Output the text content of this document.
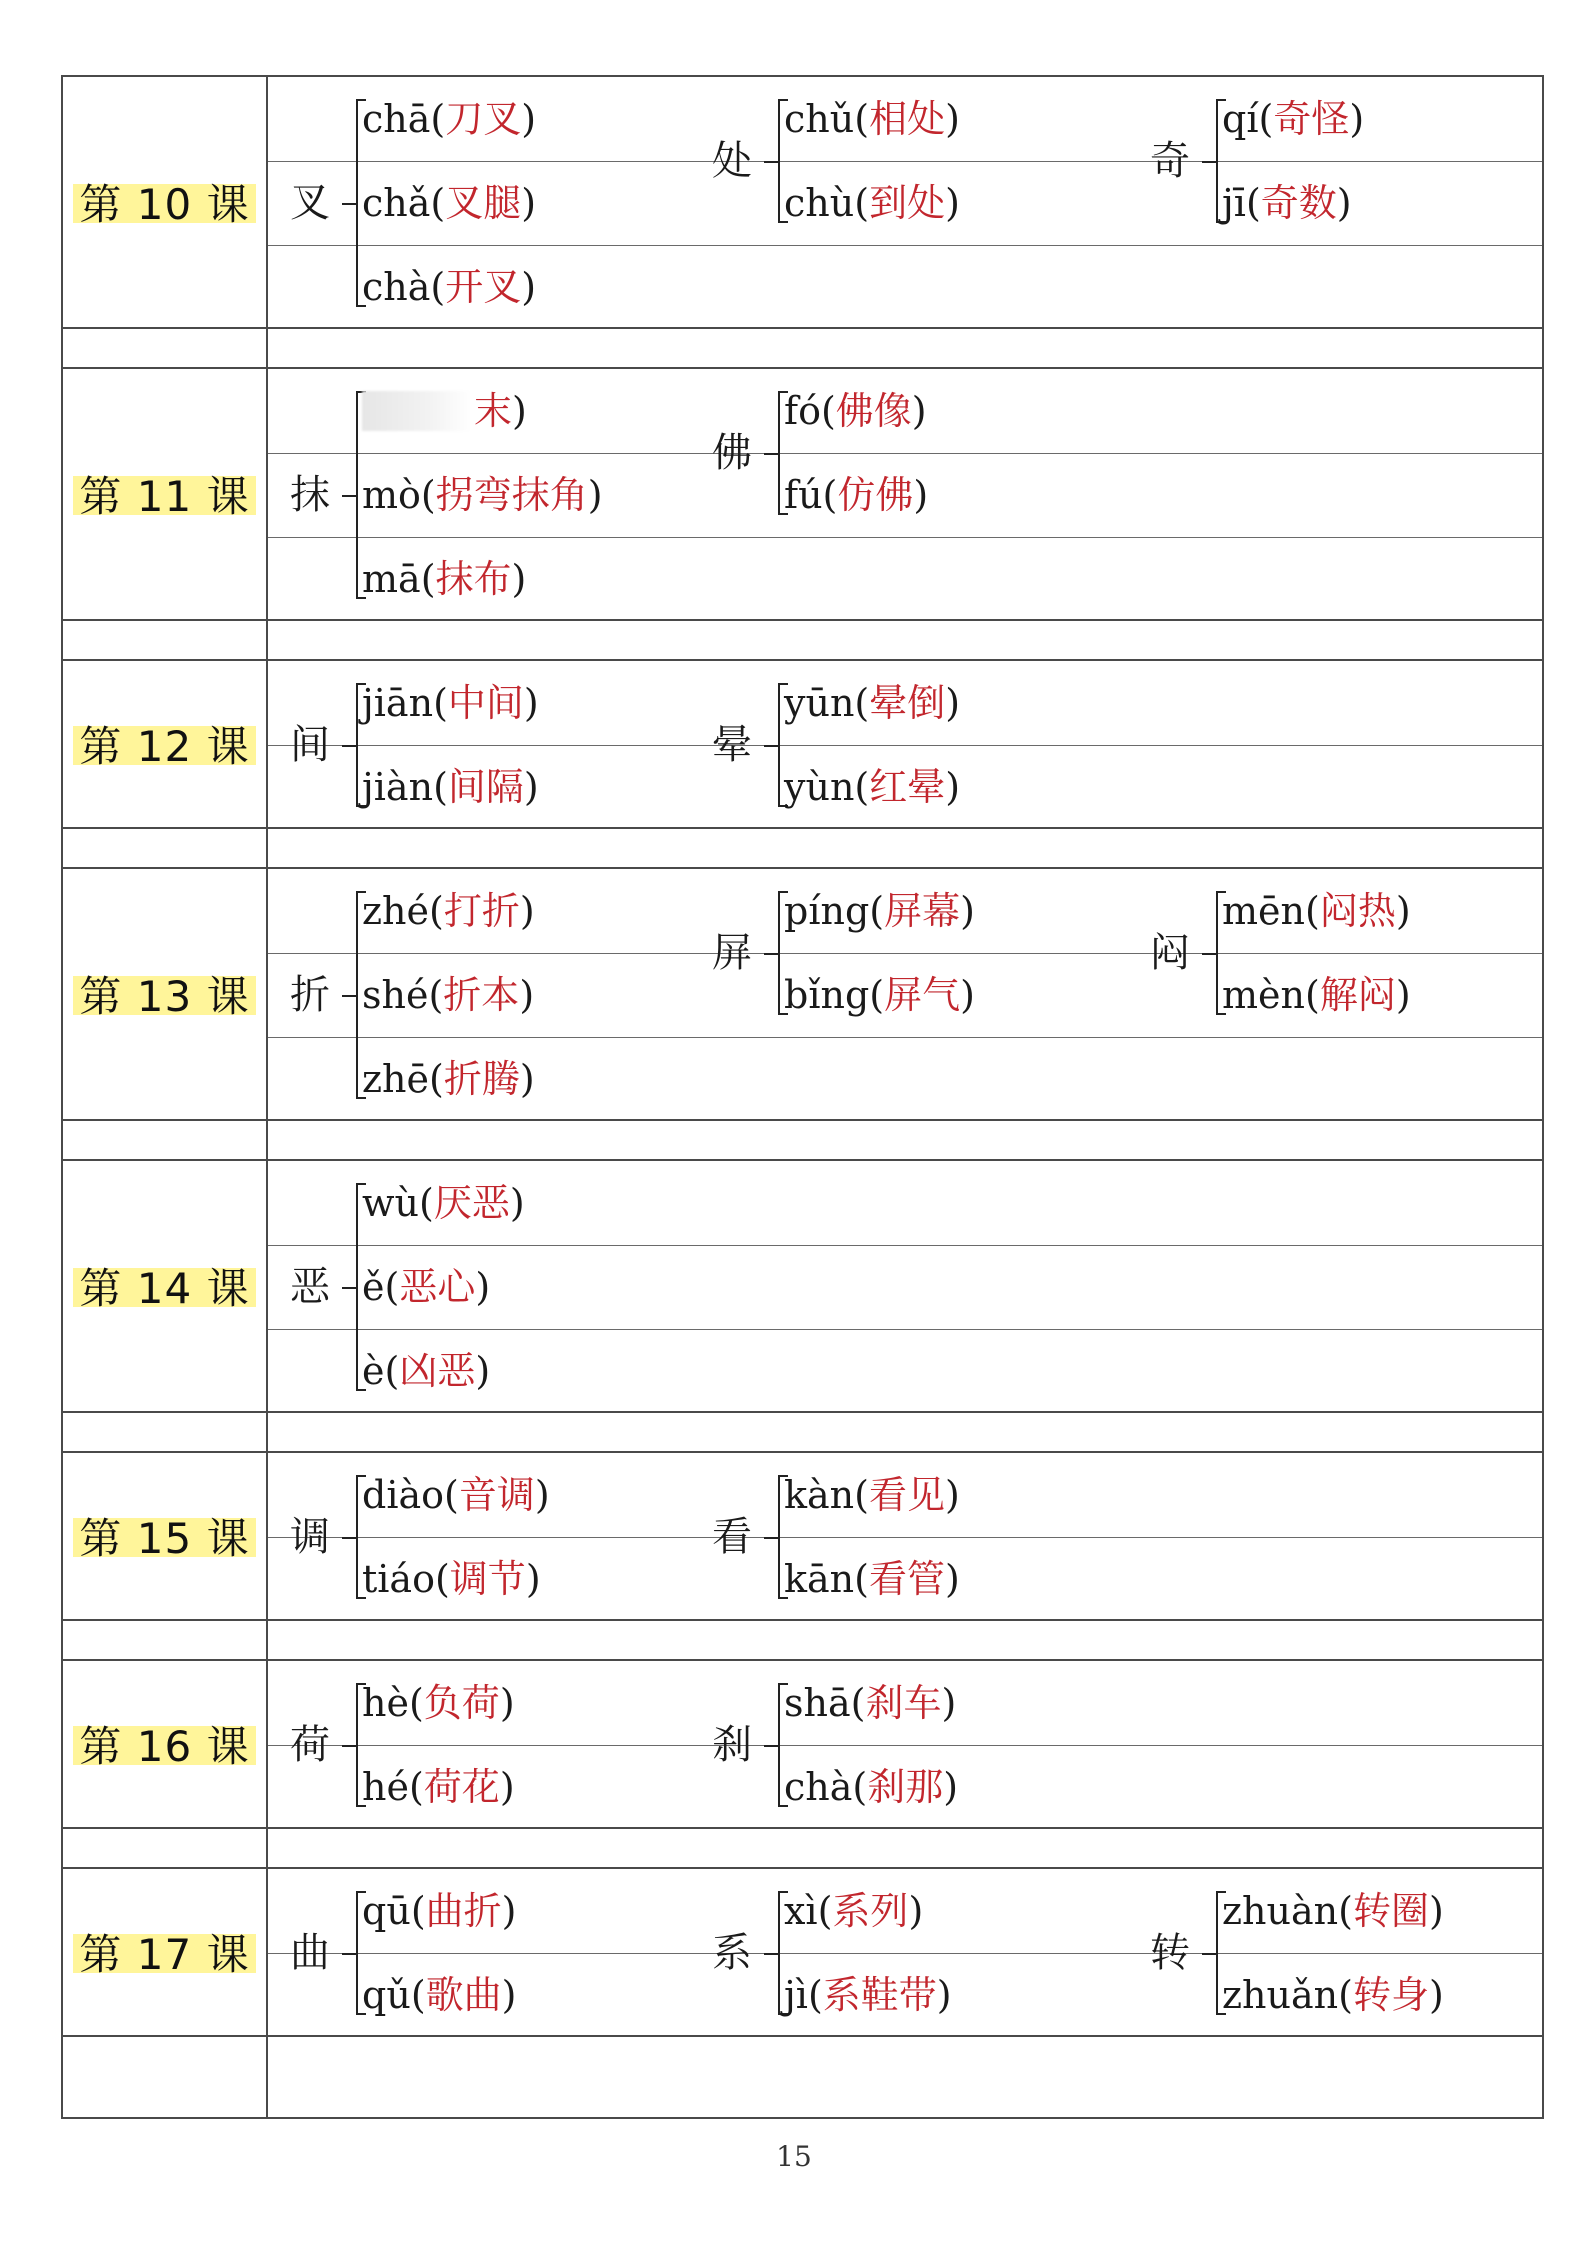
第 10 课 叉
chā(刀叉)
chǎ(叉腿)
chà(开叉)
处
chǔ(相处)
chù(到处)
奇
qí(奇怪)
jī(奇数)
第 11 课 抹
末)
mò(拐弯抹角)
mā(抹布)
佛
fó(佛像)
fú(仿佛)
第 12 课 间
jiān(中间)
jiàn(间隔)
晕
yūn(晕倒)
yùn(红晕)
第 13 课 折
zhé(打折)
shé(折本)
zhē(折腾)
屏
píng(屏幕)
bǐng(屏气)
闷
mēn(闷热)
mèn(解闷)
第 14 课 恶
wù(厌恶)
ě(恶心)
è(凶恶)
第 15 课 调
diào(音调)
tiáo(调节)
看
kàn(看见)
kān(看管)
第 16 课 荷
hè(负荷)
hé(荷花)
刹
shā(刹车)
chà(刹那)
第 17 课 曲
qū(曲折)
qǔ(歌曲)
系
xì(系列)
jì(系鞋带)
转
zhuàn(转圈)
zhuǎn(转身)
15
